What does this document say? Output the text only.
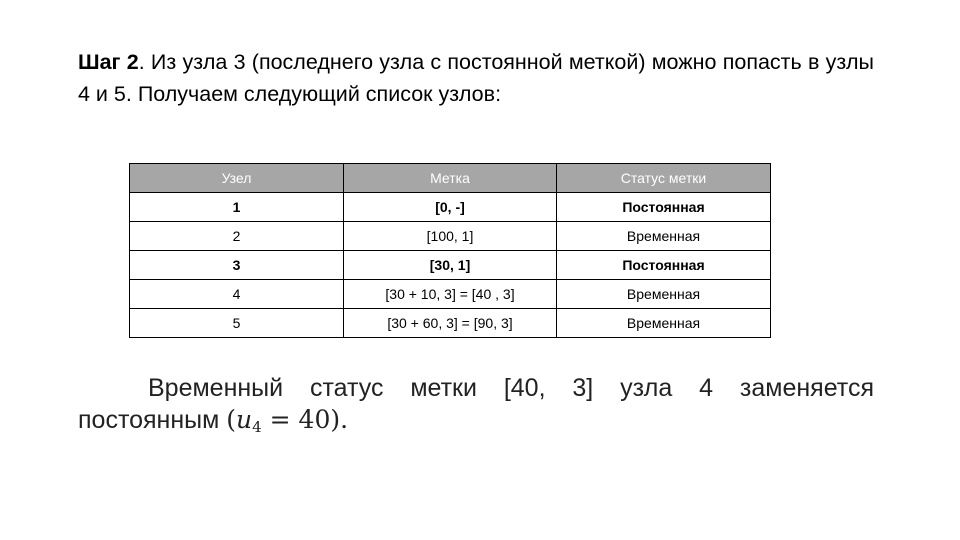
Шаг 2. Из узла 3 (последнего узла с постоянной меткой) можно попасть в узлы 4 и 5. Получаем следующий список узлов:
Узел	Метка	Статус метки
1	[0, -]	Постоянная
2	[100, 1]	Временная
3	[30, 1]	Постоянная
4	[30 + 10, 3] = [40 , 3]	Временная
5	[30 + 60, 3] = [90, 3]	Временная
Временный статус метки [40, 3] узла 4 заменяется
постоянным $(u_4 = 40)$.
